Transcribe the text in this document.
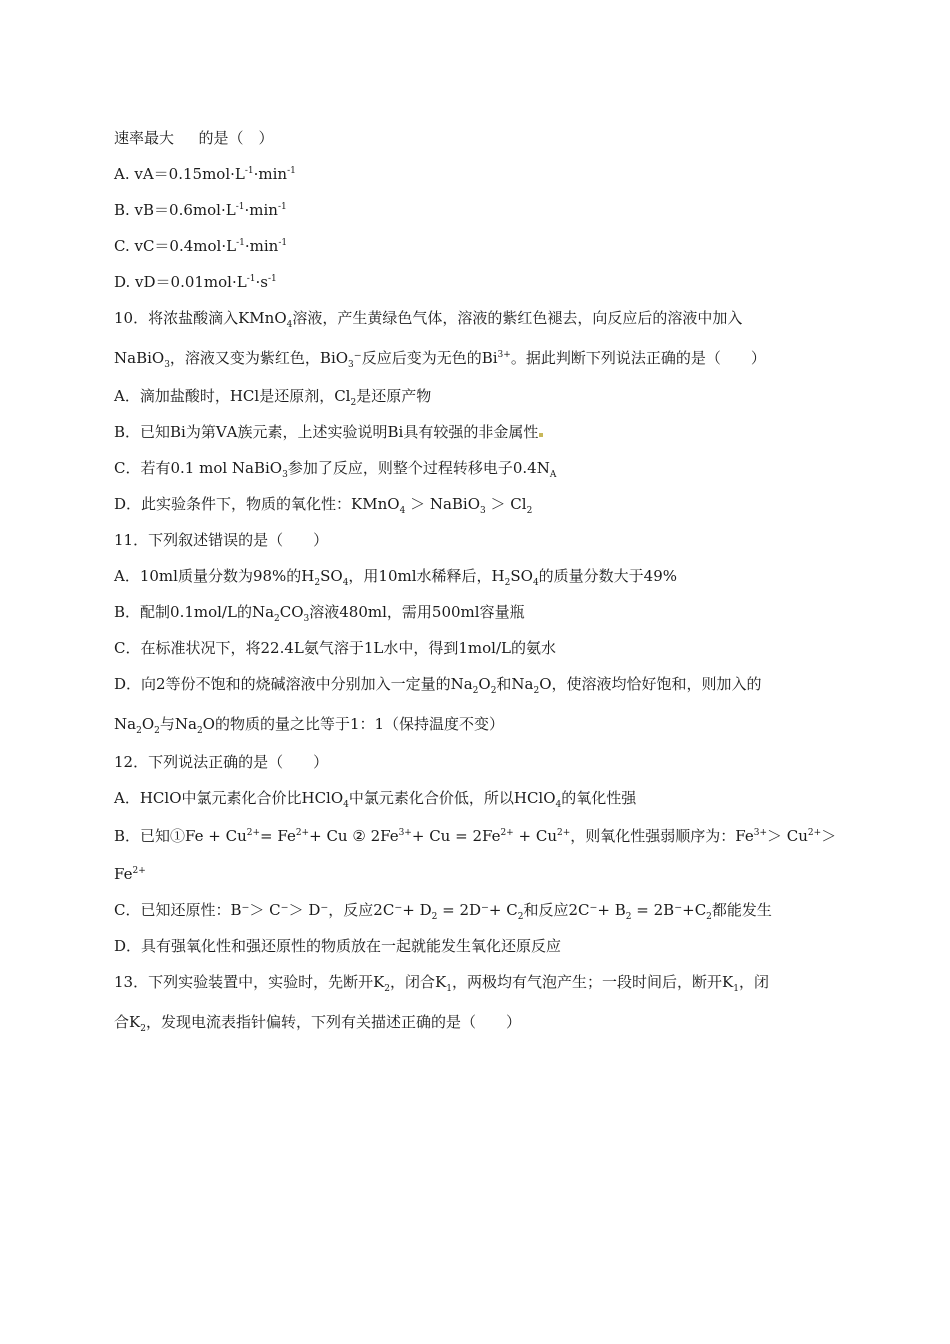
速率最大 　 的是（　）
A. $vA=0.15mol\cdot L^{-1}\cdot\min^{-1}$
B. $vB=0.6mol\cdot L^{-1}\cdot\min^{-1}$
C. $vC=0.4mol\cdot L^{-1}\cdot\min^{-1}$
D. $vD=0.01mol\cdot L^{-1}\cdot s^{-1}$
10．将浓盐酸滴入KMnO$_4$溶液，产生黄绿色气体，溶液的紫红色褪去，向反应后的溶液中加入
NaBiO$_3$，溶液又变为紫红色，BiO$_3$⁻反应后变为无色的$Bi^{3+}$。据此判断下列说法正确的是（　　）
A．滴加盐酸时，HCl是还原剂，$Cl_2$是还原产物
B．已知Bi为第ⅤA族元素，上述实验说明Bi具有较强的非金属性
C．若有0.1 mol NaBiO$_3$参加了反应，则整个过程转移电子$0.4N_A$
D．此实验条件下，物质的氧化性：KMnO$_4$ ＞ NaBiO$_3$ ＞ $Cl_2$
11．下列叙述错误的是（　　）
A．10ml质量分数为98%的$H_2SO_4$，用10ml水稀释后，$H_2SO_4$的质量分数大于49%
B．配制0.1mol/L的$Na_2CO_3$溶液480ml，需用500ml容量瓶
C．在标准状况下，将22.4L氨气溶于1L水中，得到1mol/L的氨水
D．向2等份不饱和的烧碱溶液中分别加入一定量的$Na_2O_2$和$Na_2O$，使溶液均恰好饱和，则加入的
$Na_2O_2$与$Na_2O$的物质的量之比等于1：1（保持温度不变）
12．下列说法正确的是（　　）
A．HClO中氯元素化合价比HClO$_4$中氯元素化合价低，所以HClO$_4$的氧化性强
B．已知①Fe + $Cu^{2+}= Fe^{2+}+ Cu$ ② $2Fe^{3+}+ Cu = 2Fe^{2+} + Cu^{2+}$，则氧化性强弱顺序为：$Fe^{3+}> Cu^{2+}>$
$Fe^{2+}$
C．已知还原性：B⁻＞ C⁻＞ D⁻，反应$2C^-+ D_2 = 2D^-+ C_2$和反应$2C^-+ B_2 = 2B^-+C_2$都能发生
D．具有强氧化性和强还原性的物质放在一起就能发生氧化还原反应
13．下列实验装置中，实验时，先断开$K_2$，闭合$K_1$，两极均有气泡产生；一段时间后，断开$K_1$，闭
合$K_2$，发现电流表指针偏转，下列有关描述正确的是（　　）
